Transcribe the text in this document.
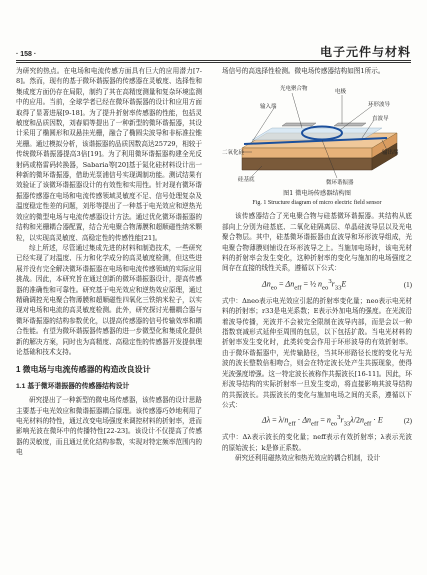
· 158 ·	电子元件与材料

为研究的热点。在电场和电流传感方面具有巨大的应用潜力[7-8]。然而，现有的基于微环谐振器的传感器在灵敏度、选择性和集成度方面仍存在局限，制约了其在高精度测量和复杂环境监测中的应用。当前，全球学者已经在微环谐振器的设计和应用方面取得了显著进展[9-18]。为了提升折射率传感器的性能，包括灵敏度和品质因数，刘春娟等提出了一种新型的微环谐振器，其设计采用了椭圆形和双悬挂光栅，融合了椭圆尖波导和非标准拉锥光栅。通过模拟分析，该谐振器的品质因数高达25729，相较于传统微环谐振器提高3倍[19]。为了利用微环谐振器构建全光反射码或格雷码转换器，Sabaria等[20]基于氮化硅材料设计出一种新的微环谐振器，借助光泵浦信号实现调制功能。测试结果有效验证了该微环谐振器设计的有效性和实用性。针对现有微环谐振器传感器在电场和电流传感领域灵敏度不足、信号处理复杂及温度稳定性差的问题，刘彤等提出了一种基于电光效应和逆热光效应的微型电场与电流传感器设计方法。通过优化微环谐振器的结构和光栅耦合器配置，结合光电聚合物薄膜和超顺磁性纳米颗粒，以实现高灵敏度、高稳定性的传感性能[21]。

综上所述，尽管通过集成先进的材料和制造技术，一些研究已经实现了对温度、压力和化学成分的高灵敏度检测，但这些进展并没有完全解决微环谐振器在电场和电流传感领域的实际应用挑战。因此，本研究旨在通过创新的微环谐振器设计，提高传感器的准确性和可靠性。研究基于电光效应和逆热效应原理，通过精确调控光电聚合物薄膜和超顺磁性四氧化三铁纳米粒子，以实现对电场和电流的高灵敏度检测。此外，研究探讨光栅耦合器与微环谐振器的结构参数优化，以提高传感器的信号传输效率和耦合性能。有望为微环谐振器传感器的进一步微型化和集成化提供新的解决方案，同时也为高精度、高稳定性的传感器开发提供理论基础和技术支持。

1 微电场与电流传感器的构造改良设计
1.1 基于微环谐振器的传感器结构设计

研究提出了一种新型的微电场传感器，该传感器的设计思路主要基于电光效应和微谐振器耦合原理。该传感器巧妙地利用了电光材料的特性，通过改变电场强度来调控材料的折射率，进而影响光波在微环中的传播特性[22-23]。该设计不仅提高了传感器的灵敏度，而且通过优化结构参数，实现对特定频率范围内的电

场信号的高选择性检测。微电场传感器结构如图1所示。

光电聚合物
输入端
电极
环形波导
直波导
二氧化硅	输出端
硅基底	微环谐振器
图1 微电场传感器结构图
Fig. 1 Structure diagram of micro electric field sensor

该传感器结合了光电聚合物与硅基微环谐振器。其结构从底部向上分别为硅基底、二氧化硅隔离层、单晶硅波导层以及光电聚合物层。其中，硅基微环谐振器由直波导和环形波导组成，光电聚合物薄膜则铺设在环形波导之上。当施加电场时，该电光材料的折射率会发生变化，这种折射率的变化与施加的电场强度之间存在直接的线性关系，遵循以下公式：

$\Delta n_{eo} = \Delta n_{eff}$ = ½ $n_{eo}^3r_{33}E$	(1)

式中：Δneo表示电光效应引起的折射率变化量；neo表示电光材料的折射率；r33是电光系数；E表示外加电场的强度。在光波沿着波导传播，光波并不会被完全限制在波导内部，而是会以一种指数衰减形式延伸至周围的包层，以下包括扩散。当电光材料的折射率发生变化时，此类转变会作用于环形波导的有效折射率。由于微环谐振器中，光传输路径，当其环形路径长度的变化与光波的波长整数倍相吻合，则会在特定波长处产生共振现象，使得光波强度增强。这一特定波长被称作共振波长[16-11]。因此，环形波导结构的实际折射率一旦发生变动，将直接影响其波导结构的共振波长。共振波长的变化与施加电场之间的关系，遵循以下公式：

$\Delta\lambda = \lambda/n_{eff} \cdot \Delta n_{eff} = n_{eo}^3r_{33}\lambda/2n_{eff} \cdot E$	(2)

式中：Δλ表示波长的变化量；neff表示有效折射率；λ表示光波的原始波长；k是修正系数。

研究还利用磁热效应和热光效应的耦合机制，设计
